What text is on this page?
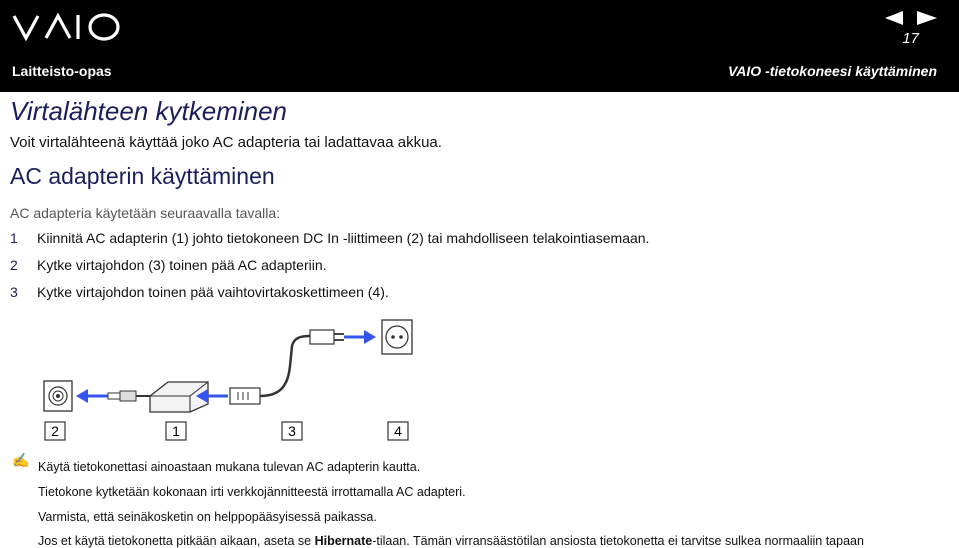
17
Laitteisto-opas	VAIO -tietokoneesi käyttäminen
Virtalähteen kytkeminen
Voit virtalähteenä käyttää joko AC adapteria tai ladattavaa akkua.
AC adapterin käyttäminen
AC adapteria käytetään seuraavalla tavalla:
1 Kiinnitä AC adapterin (1) johto tietokoneen DC In -liittimeen (2) tai mahdolliseen telakointiasemaan.
2 Kytke virtajohdon (3) toinen pää AC adapteriin.
3 Kytke virtajohdon toinen pää vaihtovirtakoskettimeen (4).
2	1	3	4
✍ Käytä tietokonettasi ainoastaan mukana tulevan AC adapterin kautta.
Tietokone kytketään kokonaan irti verkkojännitteestä irrottamalla AC adapteri.
Varmista, että seinäkosketin on helppopääsyisessä paikassa.
Jos et käytä tietokonetta pitkään aikaan, aseta se Hibernate-tilaan. Tämän virransäästötilan ansiosta tietokonetta ei tarvitse sulkea normaaliin tapaan
